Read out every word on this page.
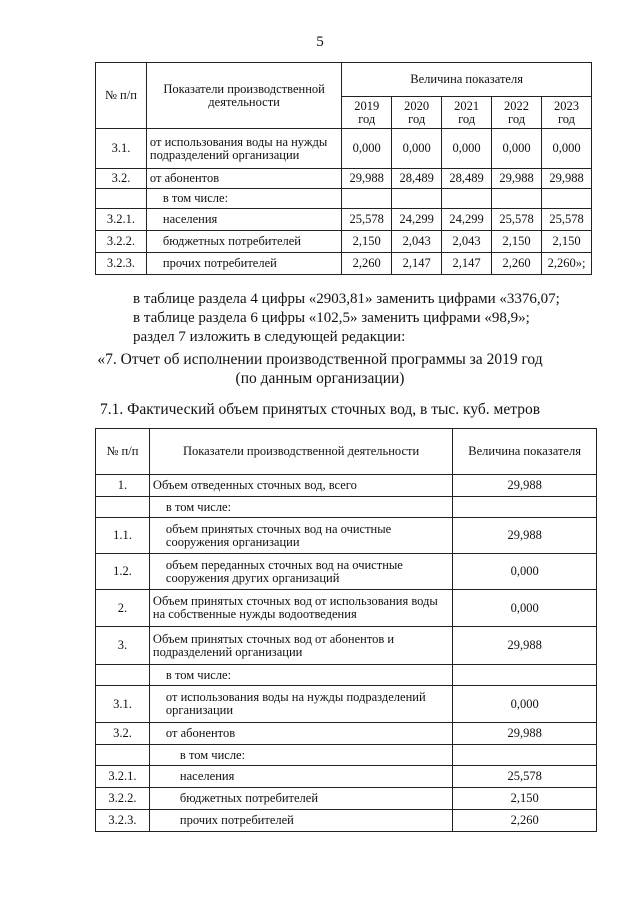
5
№ п/п	Показатели производственной деятельности	Величина показателя				
		2019 год	2020 год	2021 год	2022 год	2023 год
3.1.	от использования воды на нужды подразделений организации	0,000	0,000	0,000	0,000	0,000
3.2.	от абонентов	29,988	28,489	28,489	29,988	29,988
	в том числе:					
3.2.1.	населения	25,578	24,299	24,299	25,578	25,578
3.2.2.	бюджетных потребителей	2,150	2,043	2,043	2,150	2,150
3.2.3.	прочих потребителей	2,260	2,147	2,147	2,260	2,260»;
в таблице раздела 4 цифры «2903,81» заменить цифрами «3376,07;
в таблице раздела 6 цифры «102,5» заменить цифрами «98,9»;
раздел 7 изложить в следующей редакции:
«7. Отчет об исполнении производственной программы за 2019 год
(по данным организации)
7.1. Фактический объем принятых сточных вод, в тыс. куб. метров
№ п/п	Показатели производственной деятельности	Величина показателя
1.	Объем отведенных сточных вод, всего	29,988
	в том числе:	
1.1.	объем принятых сточных вод на очистные сооружения организации	29,988
1.2.	объем переданных сточных вод на очистные сооружения других организаций	0,000
2.	Объем принятых сточных вод от использования воды на собственные нужды водоотведения	0,000
3.	Объем принятых сточных вод от абонентов и подразделений организации	29,988
	в том числе:	
3.1.	от использования воды на нужды подразделений организации	0,000
3.2.	от абонентов	29,988
	в том числе:	
3.2.1.	населения	25,578
3.2.2.	бюджетных потребителей	2,150
3.2.3.	прочих потребителей	2,260
